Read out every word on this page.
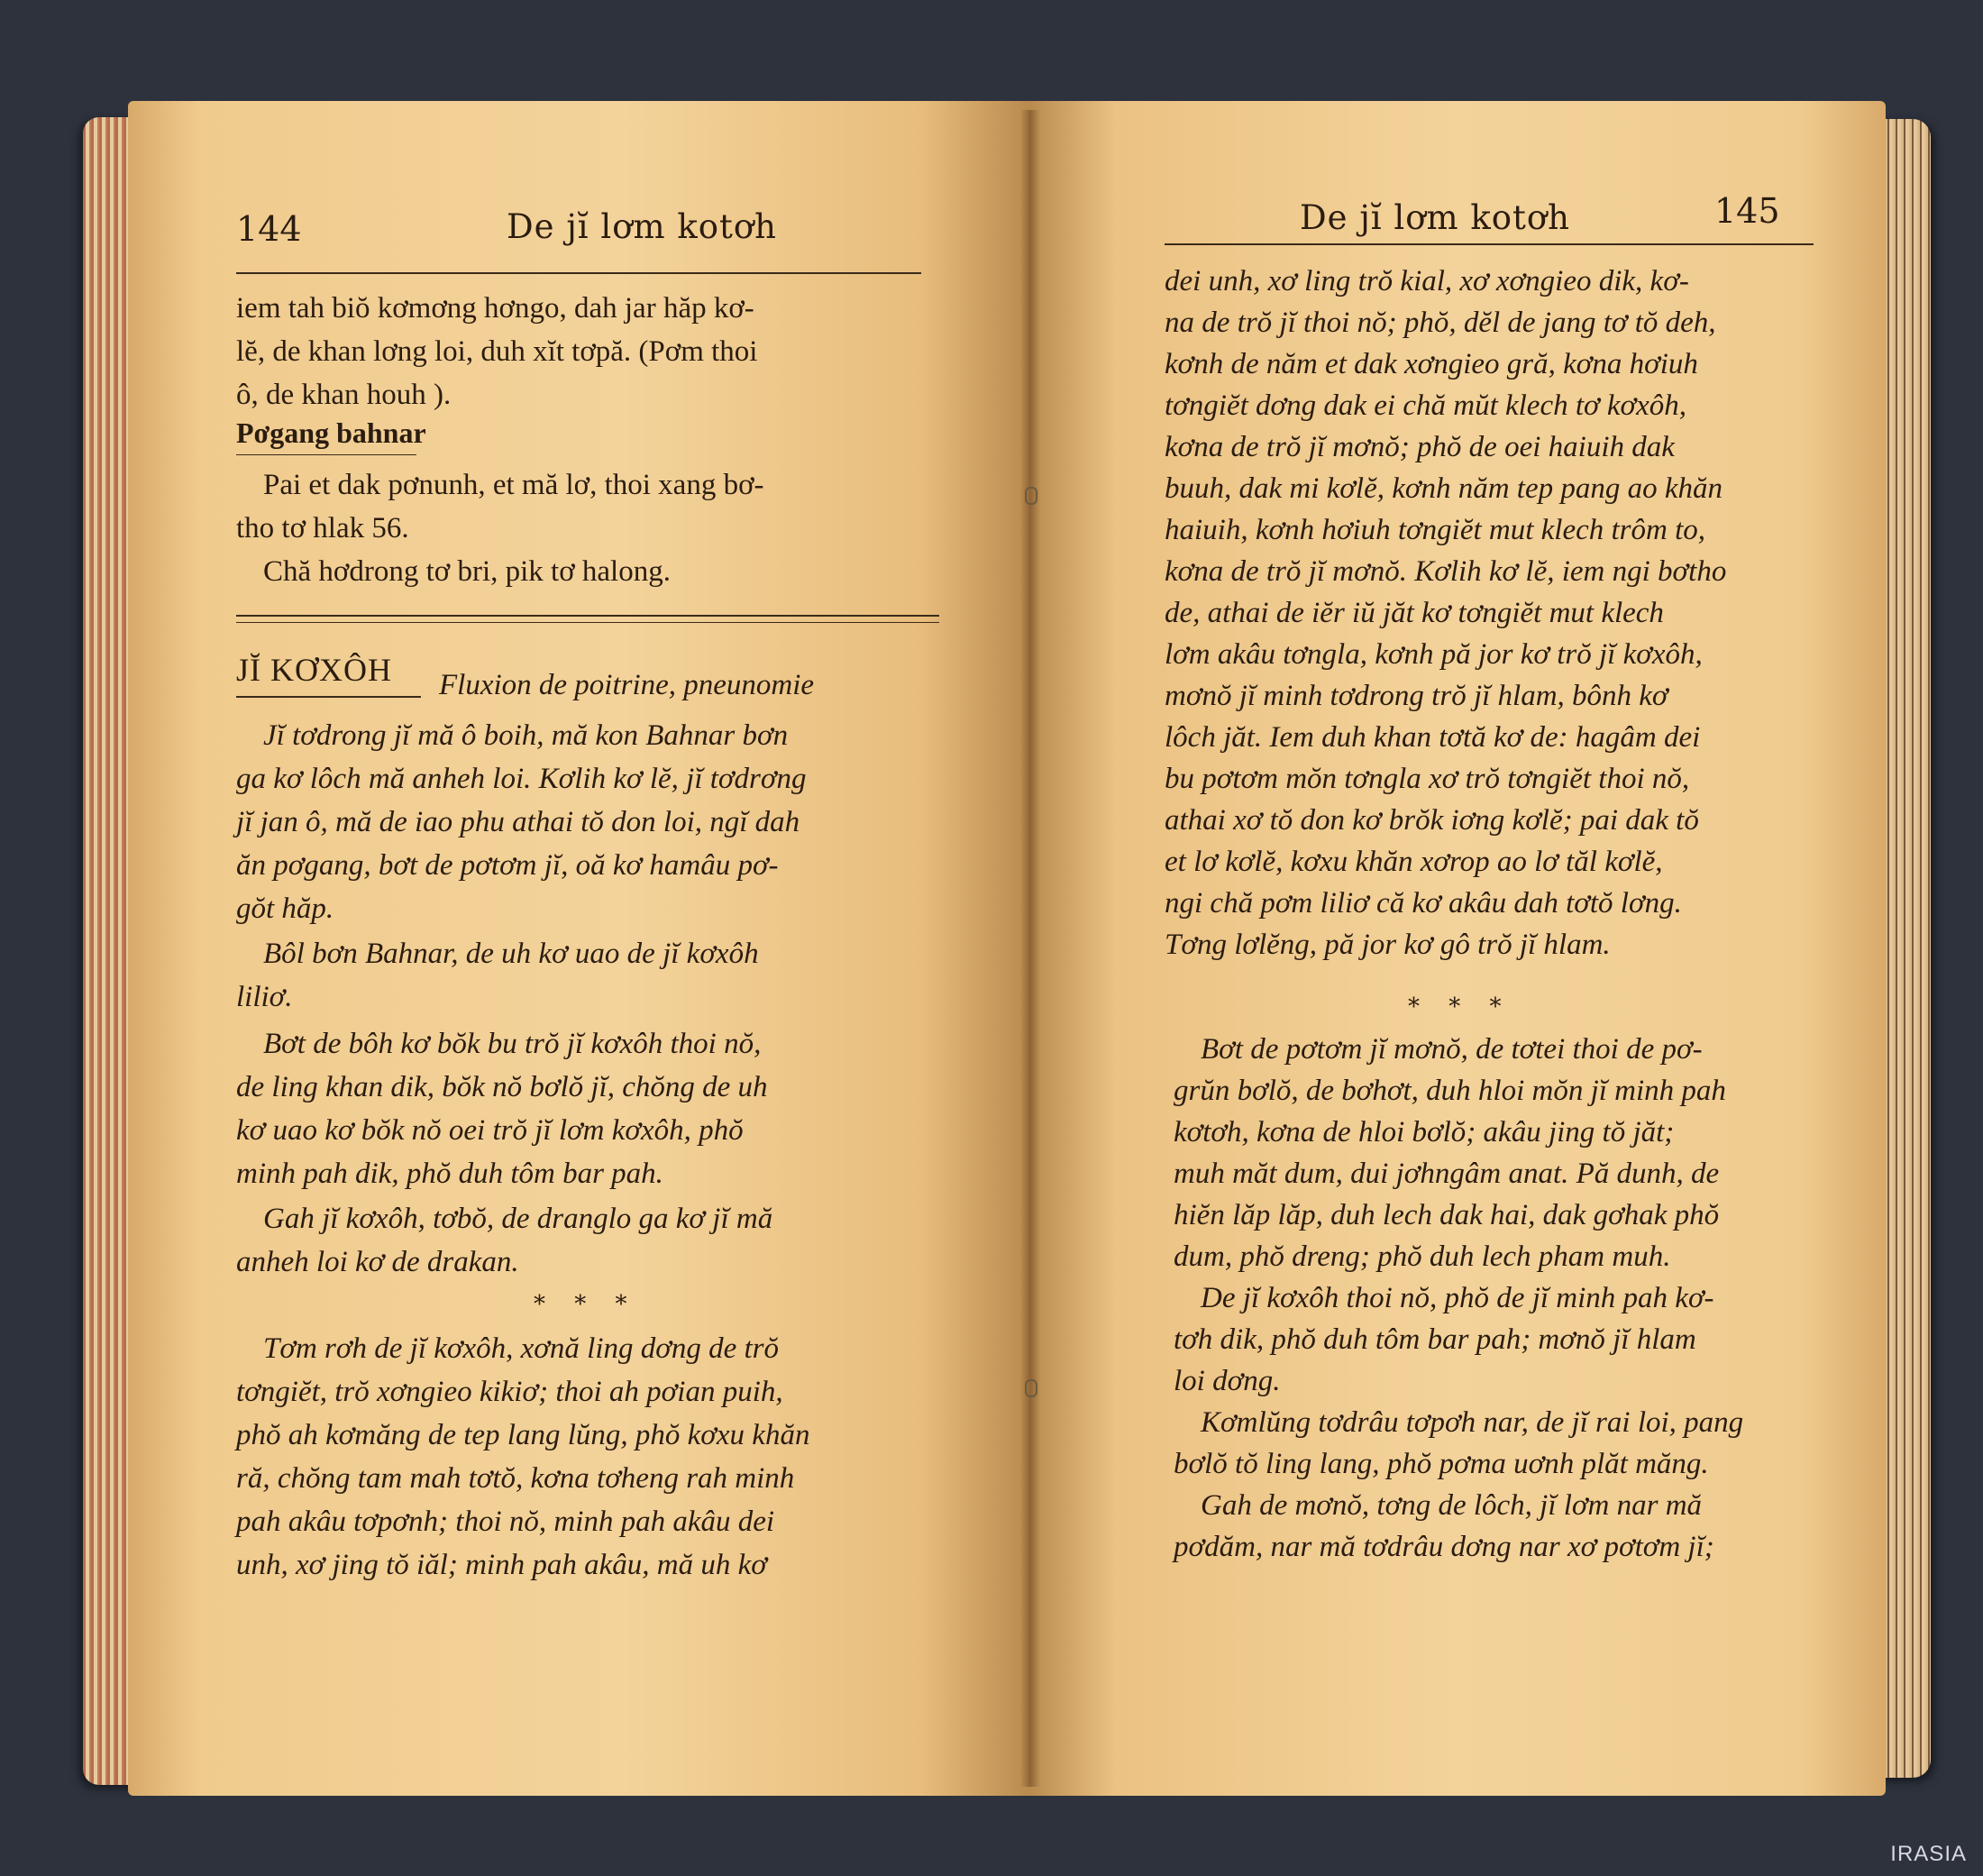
144	De jĭ lơm kotơh
iem tah biŏ kơmơng hơngo, dah jar hăp kơ-
lĕ, de khan lơng loi, duh xĭt tơpă. (Pơm thoi
ô, de khan houh ).
Pơgang bahnar
Pai et dak pơnunh, et mă lơ, thoi xang bơ-
tho tơ hlak 56.
Chă hơdrong tơ bri, pik tơ halong.
JĬ KƠXÔH Fluxion de poitrine, pneunomie
Jĭ tơdrong jĭ mă ô boih, mă kon Bahnar bơn
ga kơ lôch mă anheh loi. Kơlih kơ lĕ, jĭ tơdrơng
jĭ jan ô, mă de iao phu athai tŏ don loi, ngĭ dah
ăn pơgang, bơt de pơtơm jĭ, oă kơ hamâu pơ-
gŏt hăp.
Bôl bơn Bahnar, de uh kơ uao de jĭ kơxôh
liliơ.
Bơt de bôh kơ bŏk bu trŏ jĭ kơxôh thoi nŏ,
de ling khan dik, bŏk nŏ bơlŏ jĭ, chŏng de uh
kơ uao kơ bŏk nŏ oei trŏ jĭ lơm kơxôh, phŏ
minh pah dik, phŏ duh tôm bar pah.
Gah jĭ kơxôh, tơbŏ, de dranglo ga kơ jĭ mă
anheh loi kơ de drakan.
* * *
Tơm rơh de jĭ kơxôh, xơnă ling dơng de trŏ
tơngiĕt, trŏ xơngieo kikiơ; thoi ah pơian puih,
phŏ ah kơmăng de tep lang lŭng, phŏ kơxu khăn
ră, chŏng tam mah tơtŏ, kơna tơheng rah minh
pah akâu tơpơnh; thoi nŏ, minh pah akâu dei
unh, xơ jing tŏ iăl; minh pah akâu, mă uh kơ
De jĭ lơm kotơh	145
dei unh, xơ ling trŏ kial, xơ xơngieo dik, kơ-
na de trŏ jĭ thoi nŏ; phŏ, dĕl de jang tơ tŏ deh,
kơnh de năm et dak xơngieo gră, kơna hơiuh
tơngiĕt dơng dak ei chă mŭt klech tơ kơxôh,
kơna de trŏ jĭ mơnŏ; phŏ de oei haiuih dak
buuh, dak mi kơlĕ, kơnh năm tep pang ao khăn
haiuih, kơnh hơiuh tơngiĕt mut klech trôm to,
kơna de trŏ jĭ mơnŏ. Kơlih kơ lĕ, iem ngi bơtho
de, athai de iĕr iŭ jăt kơ tơngiĕt mut klech
lơm akâu tơngla, kơnh pă jor kơ trŏ jĭ kơxôh,
mơnŏ jĭ minh tơdrong trŏ jĭ hlam, bônh kơ
lôch jăt. Iem duh khan tơtă kơ de: hagâm dei
bu pơtơm mŏn tơngla xơ trŏ tơngiĕt thoi nŏ,
athai xơ tŏ don kơ brŏk iơng kơlĕ; pai dak tŏ
et lơ kơlĕ, kơxu khăn xơrop ao lơ tăl kơlĕ,
ngi chă pơm liliơ că kơ akâu dah tơtŏ lơng.
Tơng lơlĕng, pă jor kơ gô trŏ jĭ hlam.
* * *
Bơt de pơtơm jĭ mơnŏ, de tơtei thoi de pơ-
grŭn bơlŏ, de bơhơt, duh hloi mŏn jĭ minh pah
kơtơh, kơna de hloi bơlŏ; akâu jing tŏ jăt;
muh măt dum, dui jơhngâm anat. Pă dunh, de
hiĕn lăp lăp, duh lech dak hai, dak gơhak phŏ
dum, phŏ dreng; phŏ duh lech pham muh.
De jĭ kơxôh thoi nŏ, phŏ de jĭ minh pah kơ-
tơh dik, phŏ duh tôm bar pah; mơnŏ jĭ hlam
loi dơng.
Kơmlŭng tơdrâu tơpơh nar, de jĭ rai loi, pang
bơlŏ tŏ ling lang, phŏ pơma uơnh plăt măng.
Gah de mơnŏ, tơng de lôch, jĭ lơm nar mă
pơdăm, nar mă tơdrâu dơng nar xơ pơtơm jĭ;
IRASIA
